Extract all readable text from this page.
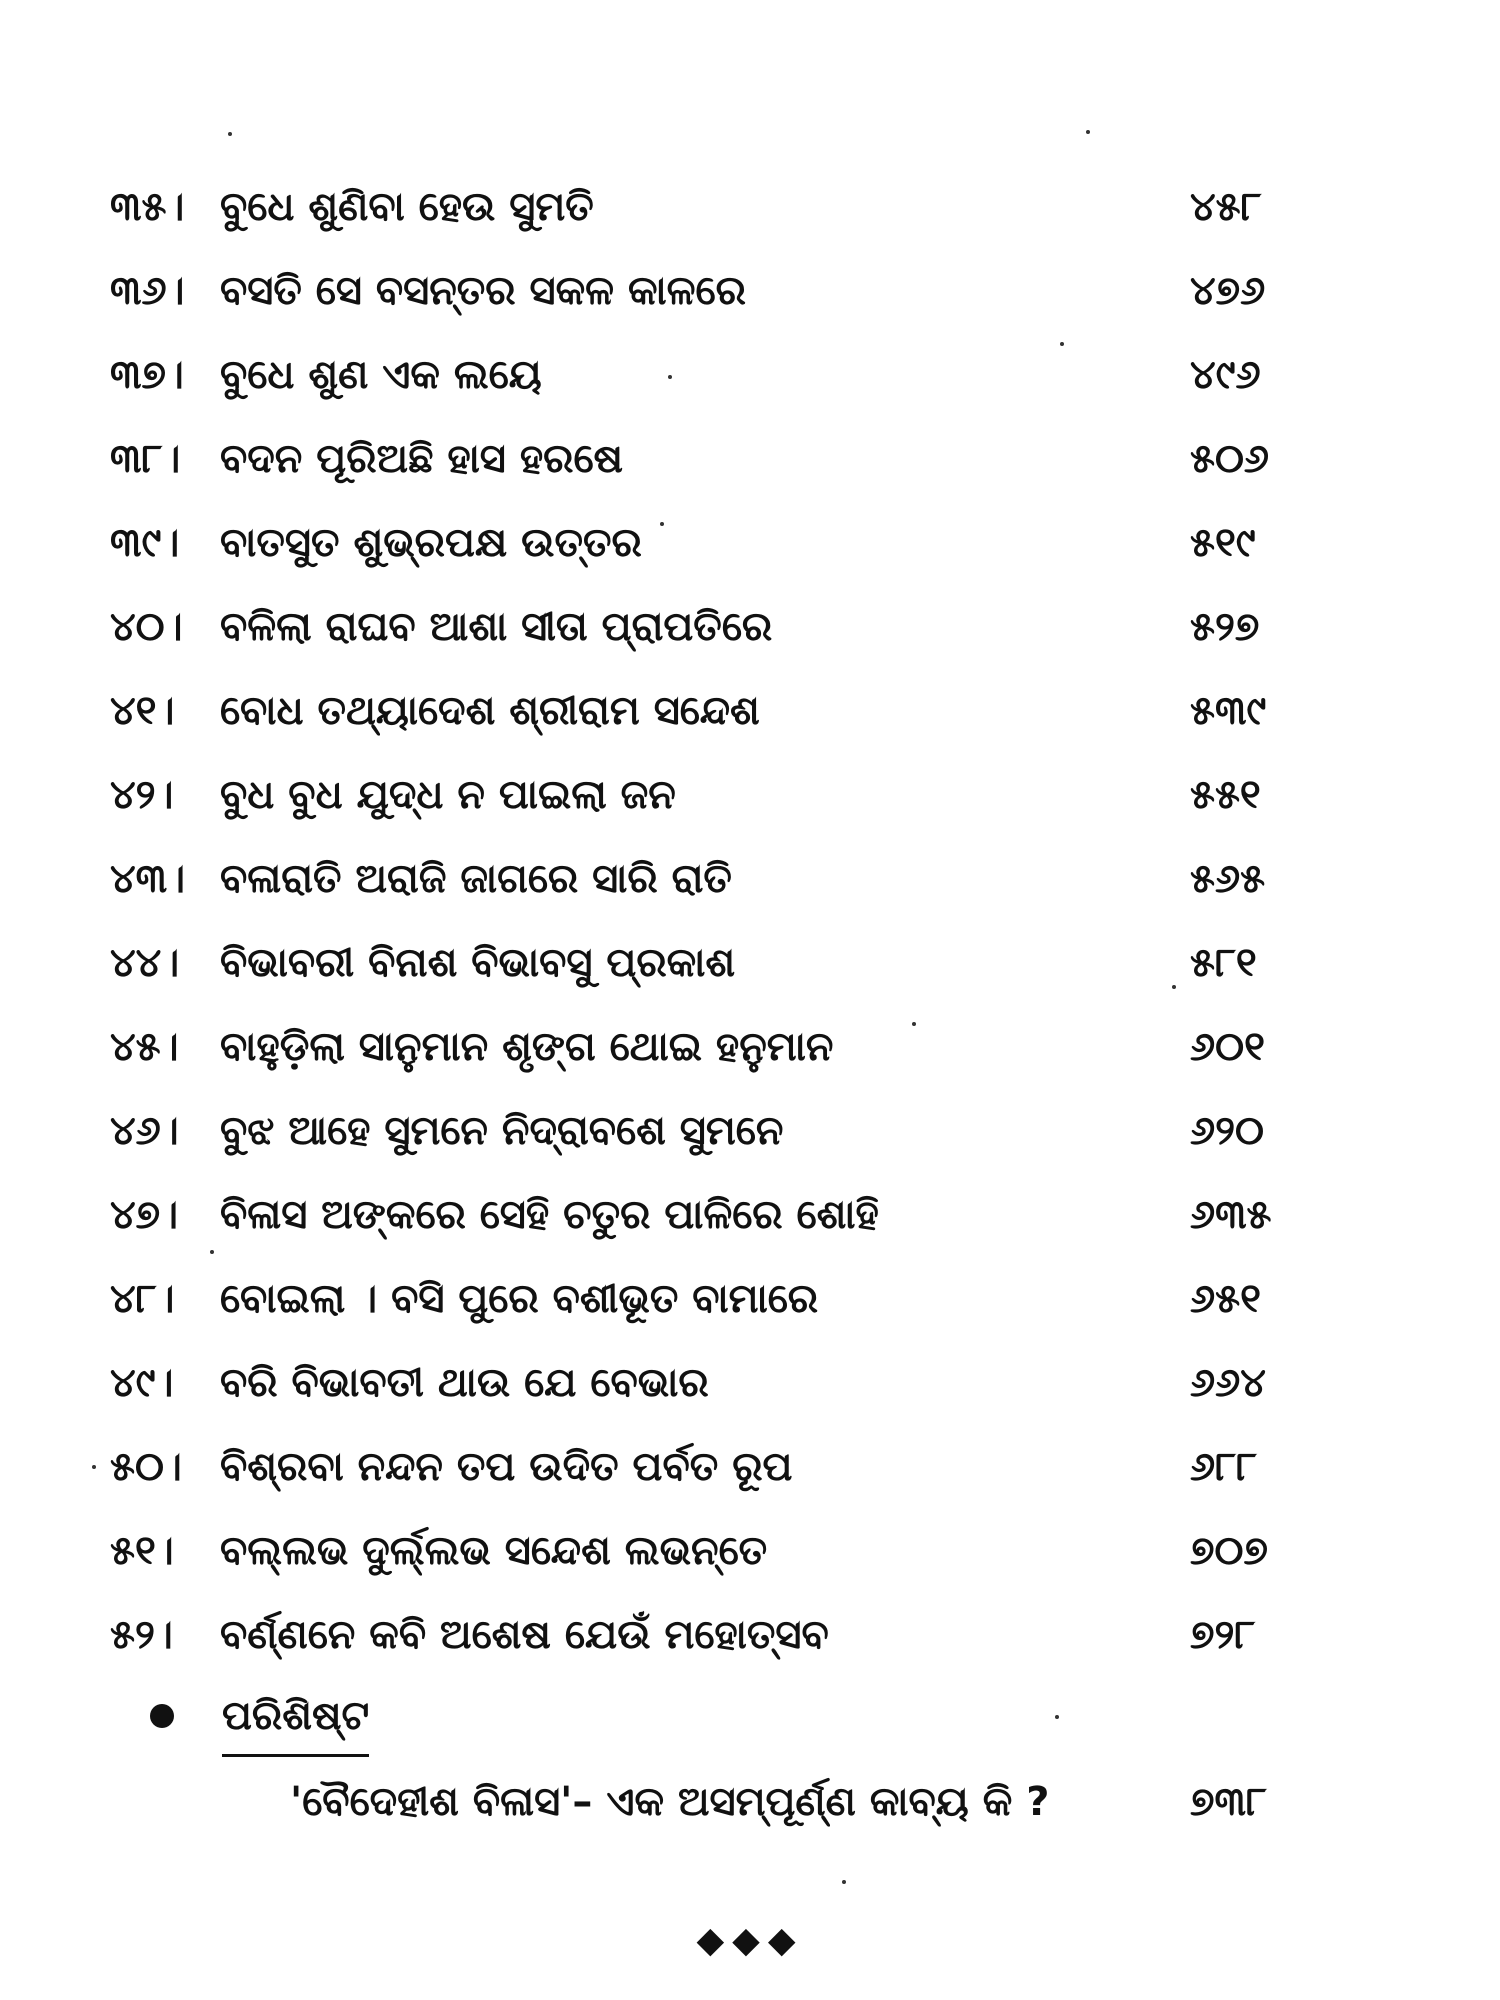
୩୫। ବୁଧେ ଶୁଣିବା ହେଉ ସୁମତି	୪୫୮
୩୬। ବସତି ସେ ବସନ୍ତର ସକଳ କାଳରେ	୪୭୬
୩୭। ବୁଧେ ଶୁଣ ଏକ ଲୟେ	୪୯୬
୩୮। ବଦନ ପୂରିଅଛି ହାସ ହରଷେ	୫୦୬
୩୯। ବାତସୁତ ଶୁଭ୍ରପକ୍ଷ ଉତ୍ତର	୫୧୯
୪୦। ବଳିଲା ରାଘବ ଆଶା ସୀତା ପ୍ରାପତିରେ	୫୨୭
୪୧। ବୋଧ ତଥ୍ୟାଦେଶ ଶ୍ରୀରାମ ସନ୍ଦେଶ	୫୩୯
୪୨। ବୁଧ ବୁଧ ଯୁଦ୍ଧ ନ ପାଇଲା ଜନ	୫୫୧
୪୩। ବଳାରାତି ଅରାଜି ଜାଗରେ ସାରି ରାତି	୫୬୫
୪୪। ବିଭାବରୀ ବିନାଶ ବିଭାବସୁ ପ୍ରକାଶ	୫୮୧
୪୫। ବାହୁଡ଼ିଲା ସାନୁମାନ ଶୃଙ୍ଗ ଥୋଇ ହନୁମାନ	୬୦୧
୪୬। ବୁଝ ଆହେ ସୁମନେ ନିଦ୍ରାବଶେ ସୁମନେ	୬୨୦
୪୭। ବିଳାସ ଅଙ୍କରେ ସେହି ଚତୁର ପାଳିରେ ଶୋହି	୬୩୫
୪୮। ବୋଇଲା । ବସି ପୁରେ ବଶୀଭୂତ ବାମାରେ	୬୫୧
୪୯। ବରି ବିଭାବତୀ ଥାଉ ଯେ ବେଭାର	୬୬୪
୫୦। ବିଶ୍ରବା ନନ୍ଦନ ତପ ଉଦିତ ପର୍ବତ ରୂପ	୬୮୮
୫୧। ବଲ୍ଲଭ ଦୁର୍ଲ୍ଲଭ ସନ୍ଦେଶ ଲଭନ୍ତେ	୭୦୭
୫୨। ବର୍ଣ୍ଣନେ କବି ଅଶେଷ ଯେଉଁ ମହୋତ୍ସବ	୭୨୮
ପରିଶିଷ୍ଟ
'ବୈଦେହୀଶ ବିଳାସ'– ଏକ ଅସମ୍ପୂର୍ଣ୍ଣ କାବ୍ୟ କି ?	୭୩୮
◆◆◆
